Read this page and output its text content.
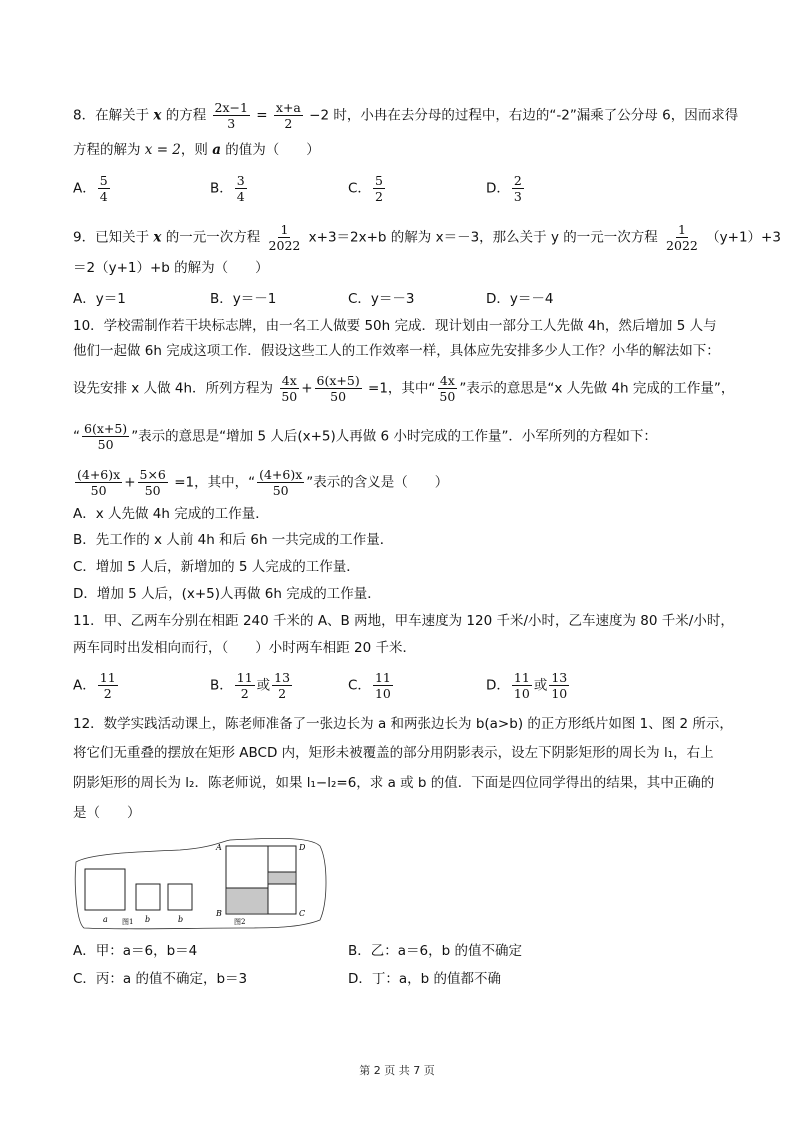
8．在解关于 x 的方程 $\frac{2x-1}{3} = \frac{x+a}{2} -2$ 时，小冉在去分母的过程中，右边的“-2”漏乘了公分母 6，因而求得
方程的解为 x = 2，则 a 的值为（　　）
A． $\frac{5}{4}$	B． $\frac{3}{4}$	C． $\frac{5}{2}$	D． $\frac{2}{3}$
9．已知关于 x 的一元一次方程 $\frac{1}{2022} x+3=2x+b$ 的解为 x＝－3，那么关于 y 的一元一次方程 $\frac{1}{2022} (y+1)+3$
＝2（y+1）+b 的解为（　　）
A．y＝1	B．y＝－1	C．y＝－3	D．y＝－4
10．学校需制作若干块标志牌，由一名工人做要 50h 完成．现计划由一部分工人先做 4h，然后增加 5 人与
他们一起做 6h 完成这项工作．假设这些工人的工作效率一样，具体应先安排多少人工作？小华的解法如下：
设先安排 x 人做 4h．所列方程为 $\frac{4x}{50} + \frac{6(x+5)}{50} =1$，其中“ $\frac{4x}{50}$ ”表示的意思是“x 人先做 4h 完成的工作量”，
“ $\frac{6(x+5)}{50}$ ”表示的意思是“增加 5 人后(x+5)人再做 6 小时完成的工作量”．小军所列的方程如下：
$\frac{(4+6)x}{50} + \frac{5\times 6}{50} =1$，其中，“ $\frac{(4+6)x}{50}$ ”表示的含义是（　　）
A．x 人先做 4h 完成的工作量．
B．先工作的 x 人前 4h 和后 6h 一共完成的工作量．
C．增加 5 人后，新增加的 5 人完成的工作量．
D．增加 5 人后，(x+5)人再做 6h 完成的工作量．
11．甲、乙两车分别在相距 240 千米的 A、B 两地，甲车速度为 120 千米/小时，乙车速度为 80 千米/小时，
两车同时出发相向而行，（　　）小时两车相距 20 千米．
A． $\frac{11}{2}$	B． $\frac{11}{2}$ 或 $\frac{13}{2}$	C． $\frac{11}{10}$	D． $\frac{11}{10}$ 或 $\frac{13}{10}$
12．数学实践活动课上，陈老师准备了一张边长为 a 和两张边长为 b(a>b) 的正方形纸片如图 1、图 2 所示，
将它们无重叠的摆放在矩形 ABCD 内，矩形未被覆盖的部分用阴影表示，设左下阴影矩形的周长为 l₁，右上
阴影矩形的周长为 l₂．陈老师说，如果 l₁−l₂=6，求 a 或 b 的值．下面是四位同学得出的结果，其中正确的
是（　　）
a 图1 b	b
A
B	C
D
图2
A．甲：a＝6，b＝4	B．乙：a＝6，b 的值不确定
C．丙：a 的值不确定，b＝3	D．丁：a，b 的值都不确
第 2 页 共 7 页
